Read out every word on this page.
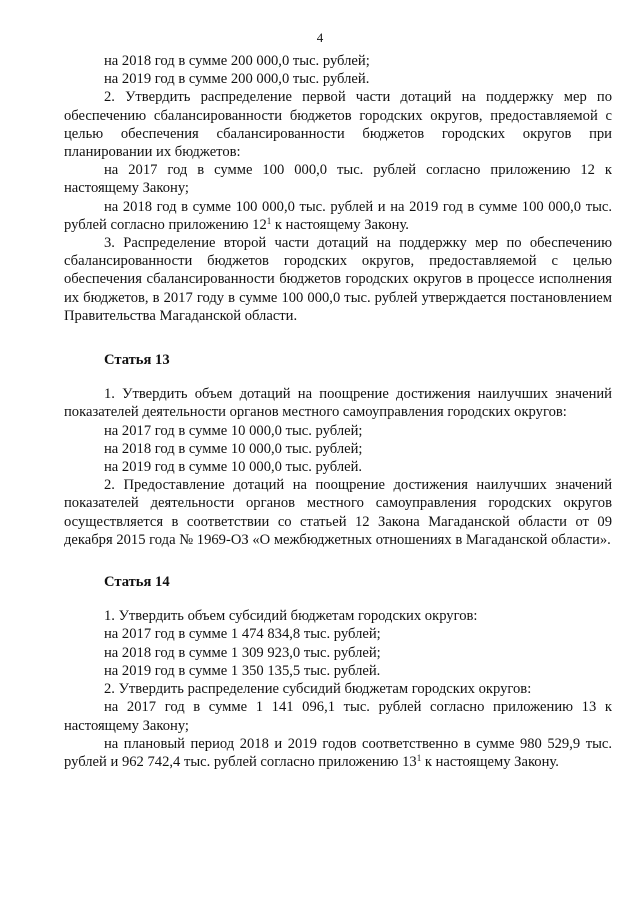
4

на 2018 год в сумме 200 000,0 тыс. рублей;

на 2019 год в сумме 200 000,0 тыс. рублей.

2. Утвердить распределение первой части дотаций на поддержку мер по обеспечению сбалансированности бюджетов городских округов, предоставляемой с целью обеспечения сбалансированности бюджетов городских округов при планировании их бюджетов:

на 2017 год в сумме 100 000,0 тыс. рублей согласно приложению 12 к настоящему Закону;

на 2018 год в сумме 100 000,0 тыс. рублей и на 2019 год в сумме 100 000,0 тыс. рублей согласно приложению $12^1$ к настоящему Закону.

3. Распределение второй части дотаций на поддержку мер по обеспечению сбалансированности бюджетов городских округов, предоставляемой с целью обеспечения сбалансированности бюджетов городских округов в процессе исполнения их бюджетов, в 2017 году в сумме 100 000,0 тыс. рублей утверждается постановлением Правительства Магаданской области.

Статья 13

1. Утвердить объем дотаций на поощрение достижения наилучших значений показателей деятельности органов местного самоуправления городских округов:

на 2017 год в сумме 10 000,0 тыс. рублей;

на 2018 год в сумме 10 000,0 тыс. рублей;

на 2019 год в сумме 10 000,0 тыс. рублей.

2. Предоставление дотаций на поощрение достижения наилучших значений показателей деятельности органов местного самоуправления городских округов осуществляется в соответствии со статьей 12 Закона Магаданской области от 09 декабря 2015 года № 1969-ОЗ «О межбюджетных отношениях в Магаданской области».

Статья 14

1. Утвердить объем субсидий бюджетам городских округов:

на 2017 год в сумме 1 474 834,8 тыс. рублей;

на 2018 год в сумме 1 309 923,0 тыс. рублей;

на 2019 год в сумме 1 350 135,5 тыс. рублей.

2. Утвердить распределение субсидий бюджетам городских округов:

на 2017 год в сумме 1 141 096,1 тыс. рублей согласно приложению 13 к настоящему Закону;

на плановый период 2018 и 2019 годов соответственно в сумме 980 529,9 тыс. рублей и 962 742,4 тыс. рублей согласно приложению $13^1$ к настоящему Закону.
